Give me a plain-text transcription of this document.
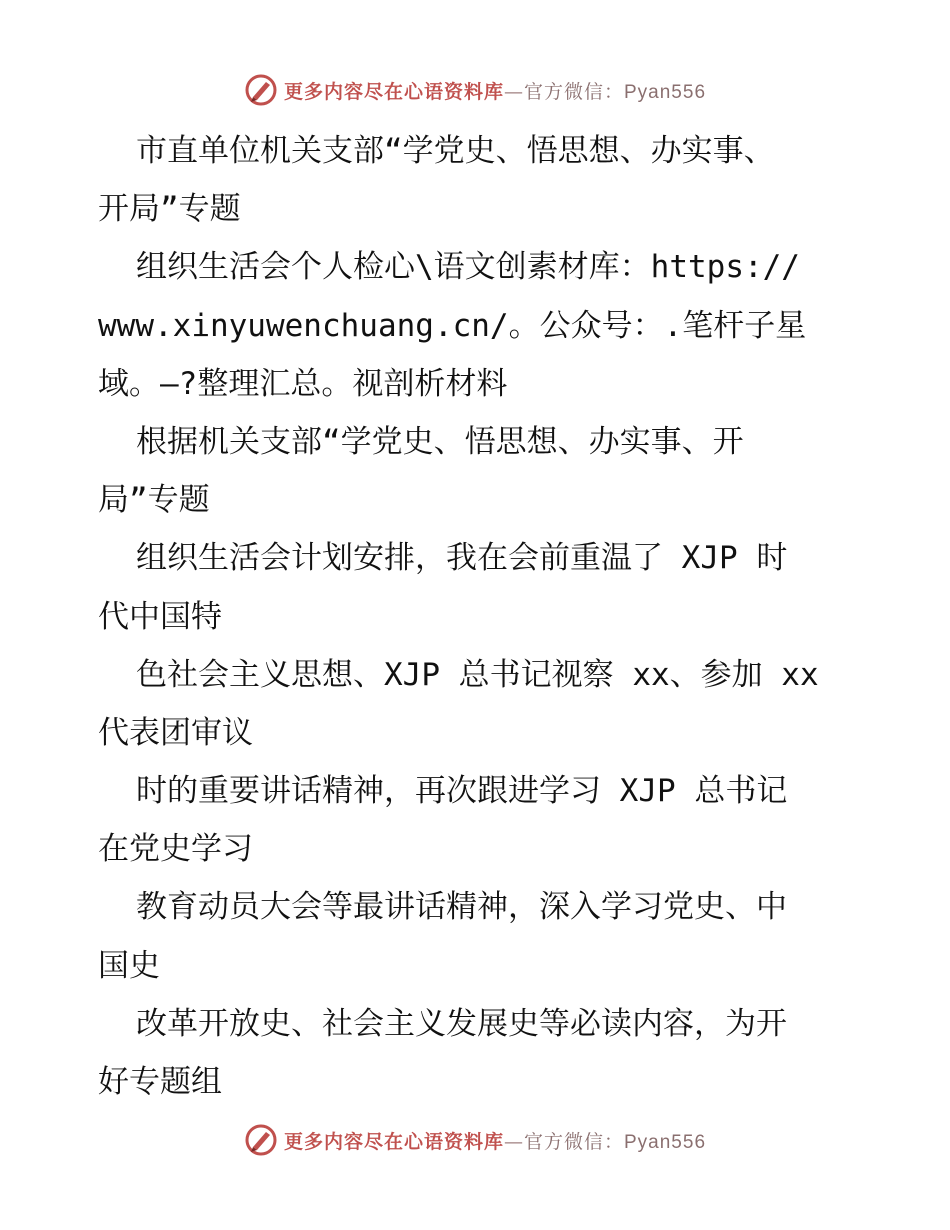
更多内容尽在心语资料库—官方微信：Pyan556
市直单位机关支部“学党史、悟思想、办实事、
开局”专题
组织生活会个人检心\语文创素材库：https://
www.xinyuwenchuang.cn/。公众号：.笔杆子星
域。—?整理汇总。视剖析材料
根据机关支部“学党史、悟思想、办实事、开
局”专题
组织生活会计划安排，我在会前重温了 XJP 时
代中国特
色社会主义思想、XJP 总书记视察 xx、参加 xx
代表团审议
时的重要讲话精神，再次跟进学习 XJP 总书记
在党史学习
教育动员大会等最讲话精神，深入学习党史、中
国史
改革开放史、社会主义发展史等必读内容，为开
好专题组
更多内容尽在心语资料库—官方微信：Pyan556
